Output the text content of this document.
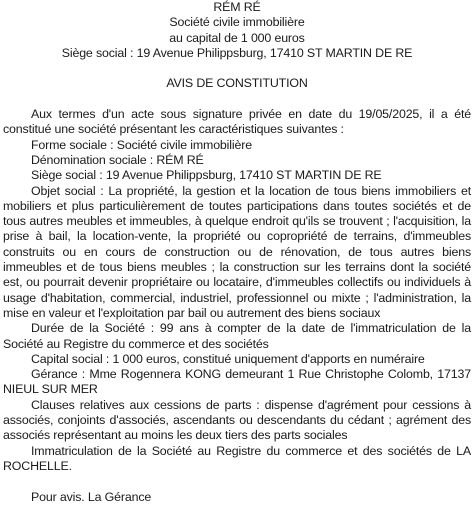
RÉM RÉ
Société civile immobilière
au capital de 1 000 euros
Siège social : 19 Avenue Philippsburg, 17410 ST MARTIN DE RE
AVIS DE CONSTITUTION

Aux termes d'un acte sous signature privée en date du 19/05/2025, il a été constitué une société présentant les caractéristiques suivantes :

Forme sociale : Société civile immobilière

Dénomination sociale : RÉM RÉ

Siège social : 19 Avenue Philippsburg, 17410 ST MARTIN DE RE

Objet social : La propriété, la gestion et la location de tous biens immobiliers et mobiliers et plus particulièrement de toutes participations dans toutes sociétés et de tous autres meubles et immeubles, à quelque endroit qu'ils se trouvent ; l'acquisition, la prise à bail, la location-vente, la propriété ou copropriété de terrains, d'immeubles construits ou en cours de construction ou de rénovation, de tous autres biens immeubles et de tous biens meubles ; la construction sur les terrains dont la société est, ou pourrait devenir propriétaire ou locataire, d'immeubles collectifs ou individuels à usage d'habitation, commercial, industriel, professionnel ou mixte ; l'administration, la mise en valeur et l'exploitation par bail ou autrement des biens sociaux

Durée de la Société : 99 ans à compter de la date de l'immatriculation de la Société au Registre du commerce et des sociétés

Capital social : 1 000 euros, constitué uniquement d'apports en numéraire

Gérance : Mme Rogennera KONG demeurant 1 Rue Christophe Colomb, 17137 NIEUL SUR MER

Clauses relatives aux cessions de parts : dispense d'agrément pour cessions à associés, conjoints d'associés, ascendants ou descendants du cédant ; agrément des associés représentant au moins les deux tiers des parts sociales

Immatriculation de la Société au Registre du commerce et des sociétés de LA ROCHELLE.

Pour avis. La Gérance
